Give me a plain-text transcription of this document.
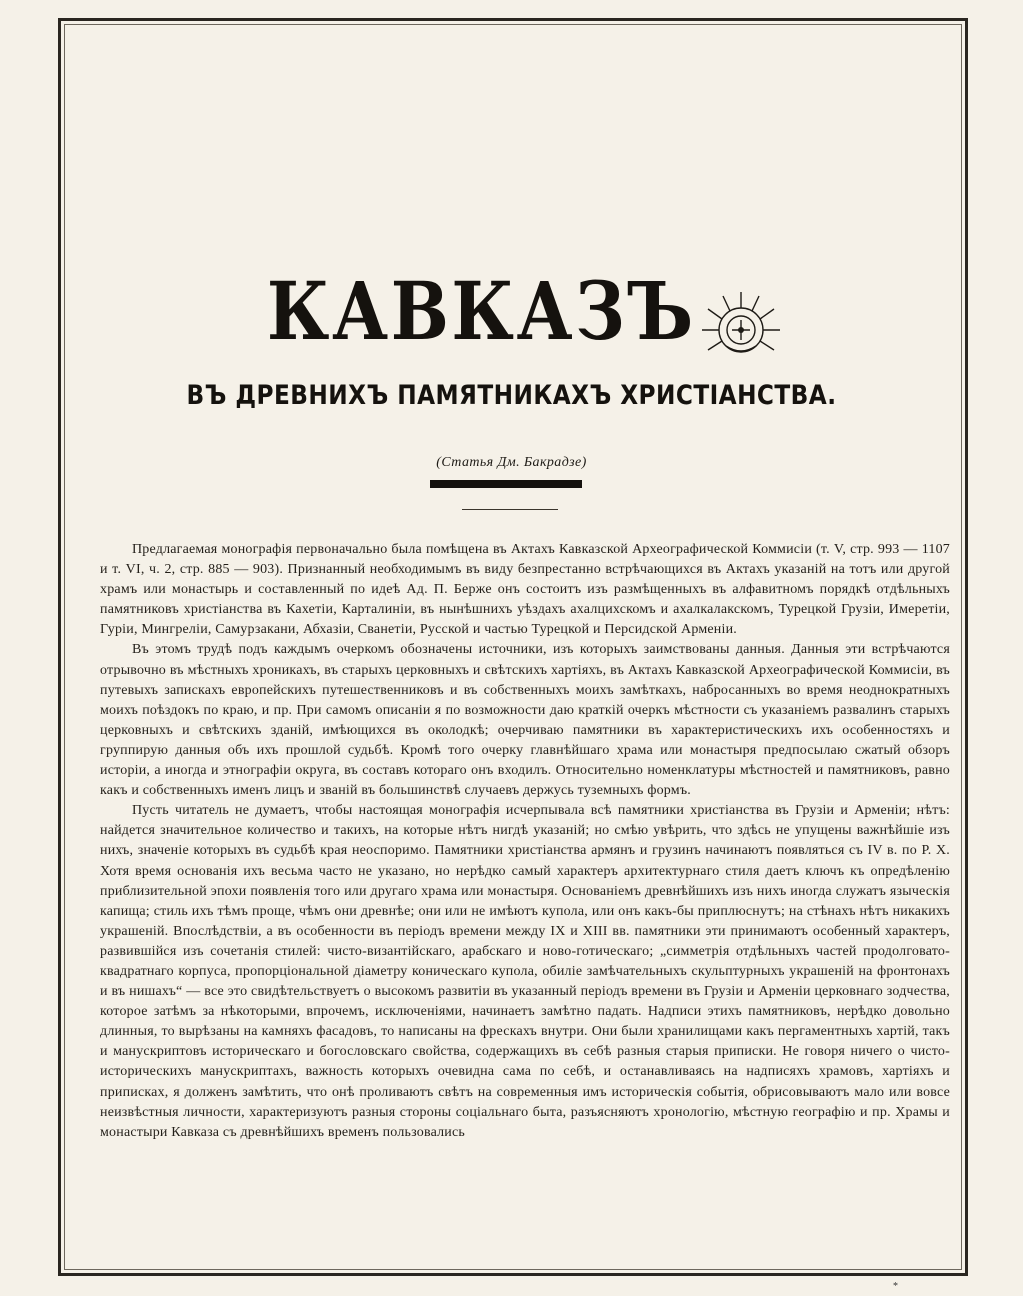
КАВКАЗЪ
ВЪ ДРЕВНИХЪ ПАМЯТНИКАХЪ ХРИСТІАНСТВА.
(Статья Дм. Бакрадзе)

Предлагаемая монографія первоначально была помѣщена въ Актахъ Кавказской Археографической Коммисіи (т. V, стр. 993 — 1107 и т. VI, ч. 2, стр. 885 — 903). Признанный необходимымъ въ виду безпрестанно встрѣчающихся въ Актахъ указаній на тотъ или другой храмъ или монастырь и составленный по идеѣ Ад. П. Берже онъ состоитъ изъ размѣщенныхъ въ алфавитномъ порядкѣ отдѣльныхъ памятниковъ христіанства въ Кахетіи, Карталиніи, въ нынѣшнихъ уѣздахъ ахалцихскомъ и ахалкалакскомъ, Турецкой Грузіи, Имеретіи, Гуріи, Мингреліи, Самурзакани, Абхазіи, Сванетіи, Русской и частью Турецкой и Персидской Арменіи.

Въ этомъ трудѣ подъ каждымъ очеркомъ обозначены источники, изъ которыхъ заимствованы данныя. Данныя эти встрѣчаются отрывочно въ мѣстныхъ хроникахъ, въ старыхъ церковныхъ и свѣтскихъ хартіяхъ, въ Актахъ Кавказской Археографической Коммисіи, въ путевыхъ запискахъ европейскихъ путешественниковъ и въ собственныхъ моихъ замѣткахъ, набросанныхъ во время неоднократныхъ моихъ поѣздокъ по краю, и пр. При самомъ описаніи я по возможности даю краткій очеркъ мѣстности съ указаніемъ развалинъ старыхъ церковныхъ и свѣтскихъ зданій, имѣющихся въ околодкѣ; очерчиваю памятники въ характеристическихъ ихъ особенностяхъ и группирую данныя объ ихъ прошлой судьбѣ. Кромѣ того очерку главнѣйшаго храма или монастыря предпосылаю сжатый обзоръ исторіи, а иногда и этнографіи округа, въ составъ котораго онъ входилъ. Относительно номенклатуры мѣстностей и памятниковъ, равно какъ и собственныхъ именъ лицъ и званій въ большинствѣ случаевъ держусь туземныхъ формъ.

Пусть читатель не думаетъ, чтобы настоящая монографія исчерпывала всѣ памятники христіанства въ Грузіи и Арменіи; нѣтъ: найдется значительное количество и такихъ, на которые нѣтъ нигдѣ указаній; но смѣю увѣрить, что здѣсь не упущены важнѣйшіе изъ нихъ, значеніе которыхъ въ судьбѣ края неоспоримо. Памятники христіанства армянъ и грузинъ начинаютъ появляться съ IV в. по Р. Х. Хотя время основанія ихъ весьма часто не указано, но нерѣдко самый характеръ архитектурнаго стиля даетъ ключъ къ опредѣленію приблизительной эпохи появленія того или другаго храма или монастыря. Основаніемъ древнѣйшихъ изъ нихъ иногда служатъ языческія капища; стиль ихъ тѣмъ проще, чѣмъ они древнѣе; они или не имѣютъ купола, или онъ какъ-бы приплюснутъ; на стѣнахъ нѣтъ никакихъ украшеній. Впослѣдствіи, а въ особенности въ періодъ времени между IX и XIII вв. памятники эти принимаютъ особенный характеръ, развившійся изъ сочетанія стилей: чисто-византійскаго, арабскаго и ново-готическаго; „симметрія отдѣльныхъ частей продолговато-квадратнаго корпуса, пропорціональной діаметру коническаго купола, обиліе замѣчательныхъ скульптурныхъ украшеній на фронтонахъ и въ нишахъ“ — все это свидѣтельствуетъ о высокомъ развитіи въ указанный періодъ времени въ Грузіи и Арменіи церковнаго зодчества, которое затѣмъ за нѣкоторыми, впрочемъ, исключеніями, начинаетъ замѣтно падать. Надписи этихъ памятниковъ, нерѣдко довольно длинныя, то вырѣзаны на камняхъ фасадовъ, то написаны на фрескахъ внутри. Они были хранилищами какъ пергаментныхъ хартій, такъ и манускриптовъ историческаго и богословскаго свойства, содержащихъ въ себѣ разныя старыя приписки. Не говоря ничего о чисто-историческихъ манускриптахъ, важность которыхъ очевидна сама по себѣ, и останавливаясь на надписяхъ храмовъ, хартіяхъ и приписках, я долженъ замѣтить, что онѣ проливаютъ свѣтъ на современныя имъ историческія событія, обрисовываютъ мало или вовсе неизвѣстныя личности, характеризуютъ разныя стороны соціальнаго быта, разъясняютъ хронологію, мѣстную географію и пр. Храмы и монастыри Кавказа съ древнѣйшихъ временъ пользовались

*
